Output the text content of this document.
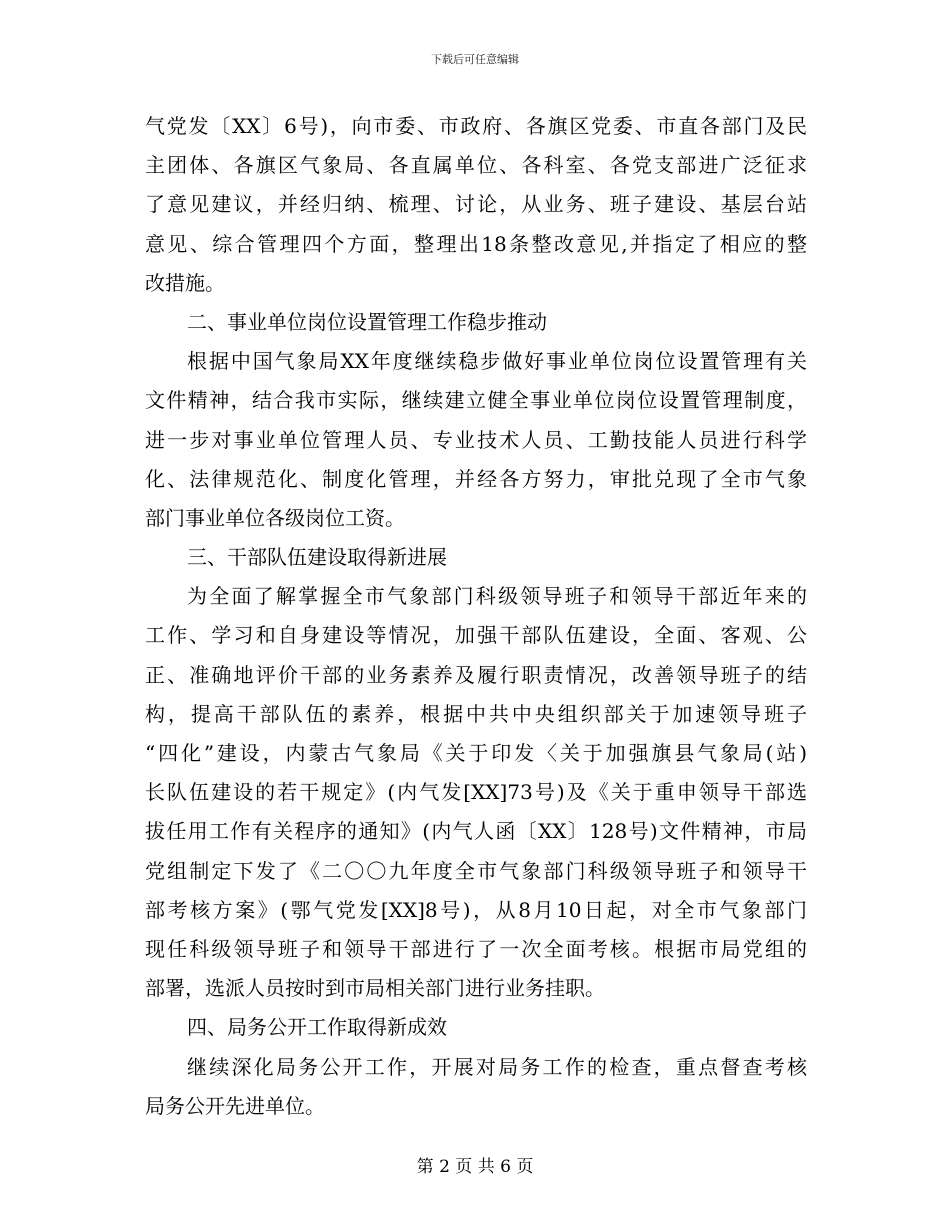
下载后可任意编辑
气党发〔XX〕6号)，向市委、市政府、各旗区党委、市直各部门及民
主团体、各旗区气象局、各直属单位、各科室、各党支部进广泛征求
了意见建议，并经归纳、梳理、讨论，从业务、班子建设、基层台站
意见、综合管理四个方面，整理出18条整改意见,并指定了相应的整
改措施。
二、事业单位岗位设置管理工作稳步推动
根据中国气象局XX年度继续稳步做好事业单位岗位设置管理有关
文件精神，结合我市实际，继续建立健全事业单位岗位设置管理制度，
进一步对事业单位管理人员、专业技术人员、工勤技能人员进行科学
化、法律规范化、制度化管理，并经各方努力，审批兑现了全市气象
部门事业单位各级岗位工资。
三、干部队伍建设取得新进展
为全面了解掌握全市气象部门科级领导班子和领导干部近年来的
工作、学习和自身建设等情况，加强干部队伍建设，全面、客观、公
正、准确地评价干部的业务素养及履行职责情况，改善领导班子的结
构，提高干部队伍的素养，根据中共中央组织部关于加速领导班子
“四化”建设，内蒙古气象局《关于印发〈关于加强旗县气象局(站)
长队伍建设的若干规定》(内气发[XX]73号)及《关于重申领导干部选
拔任用工作有关程序的通知》(内气人函〔XX〕128号)文件精神，市局
党组制定下发了《二〇〇九年度全市气象部门科级领导班子和领导干
部考核方案》(鄂气党发[XX]8号)，从8月10日起，对全市气象部门
现任科级领导班子和领导干部进行了一次全面考核。根据市局党组的
部署，选派人员按时到市局相关部门进行业务挂职。
四、局务公开工作取得新成效
继续深化局务公开工作，开展对局务工作的检查，重点督查考核
局务公开先进单位。
第 2 页 共 6 页
